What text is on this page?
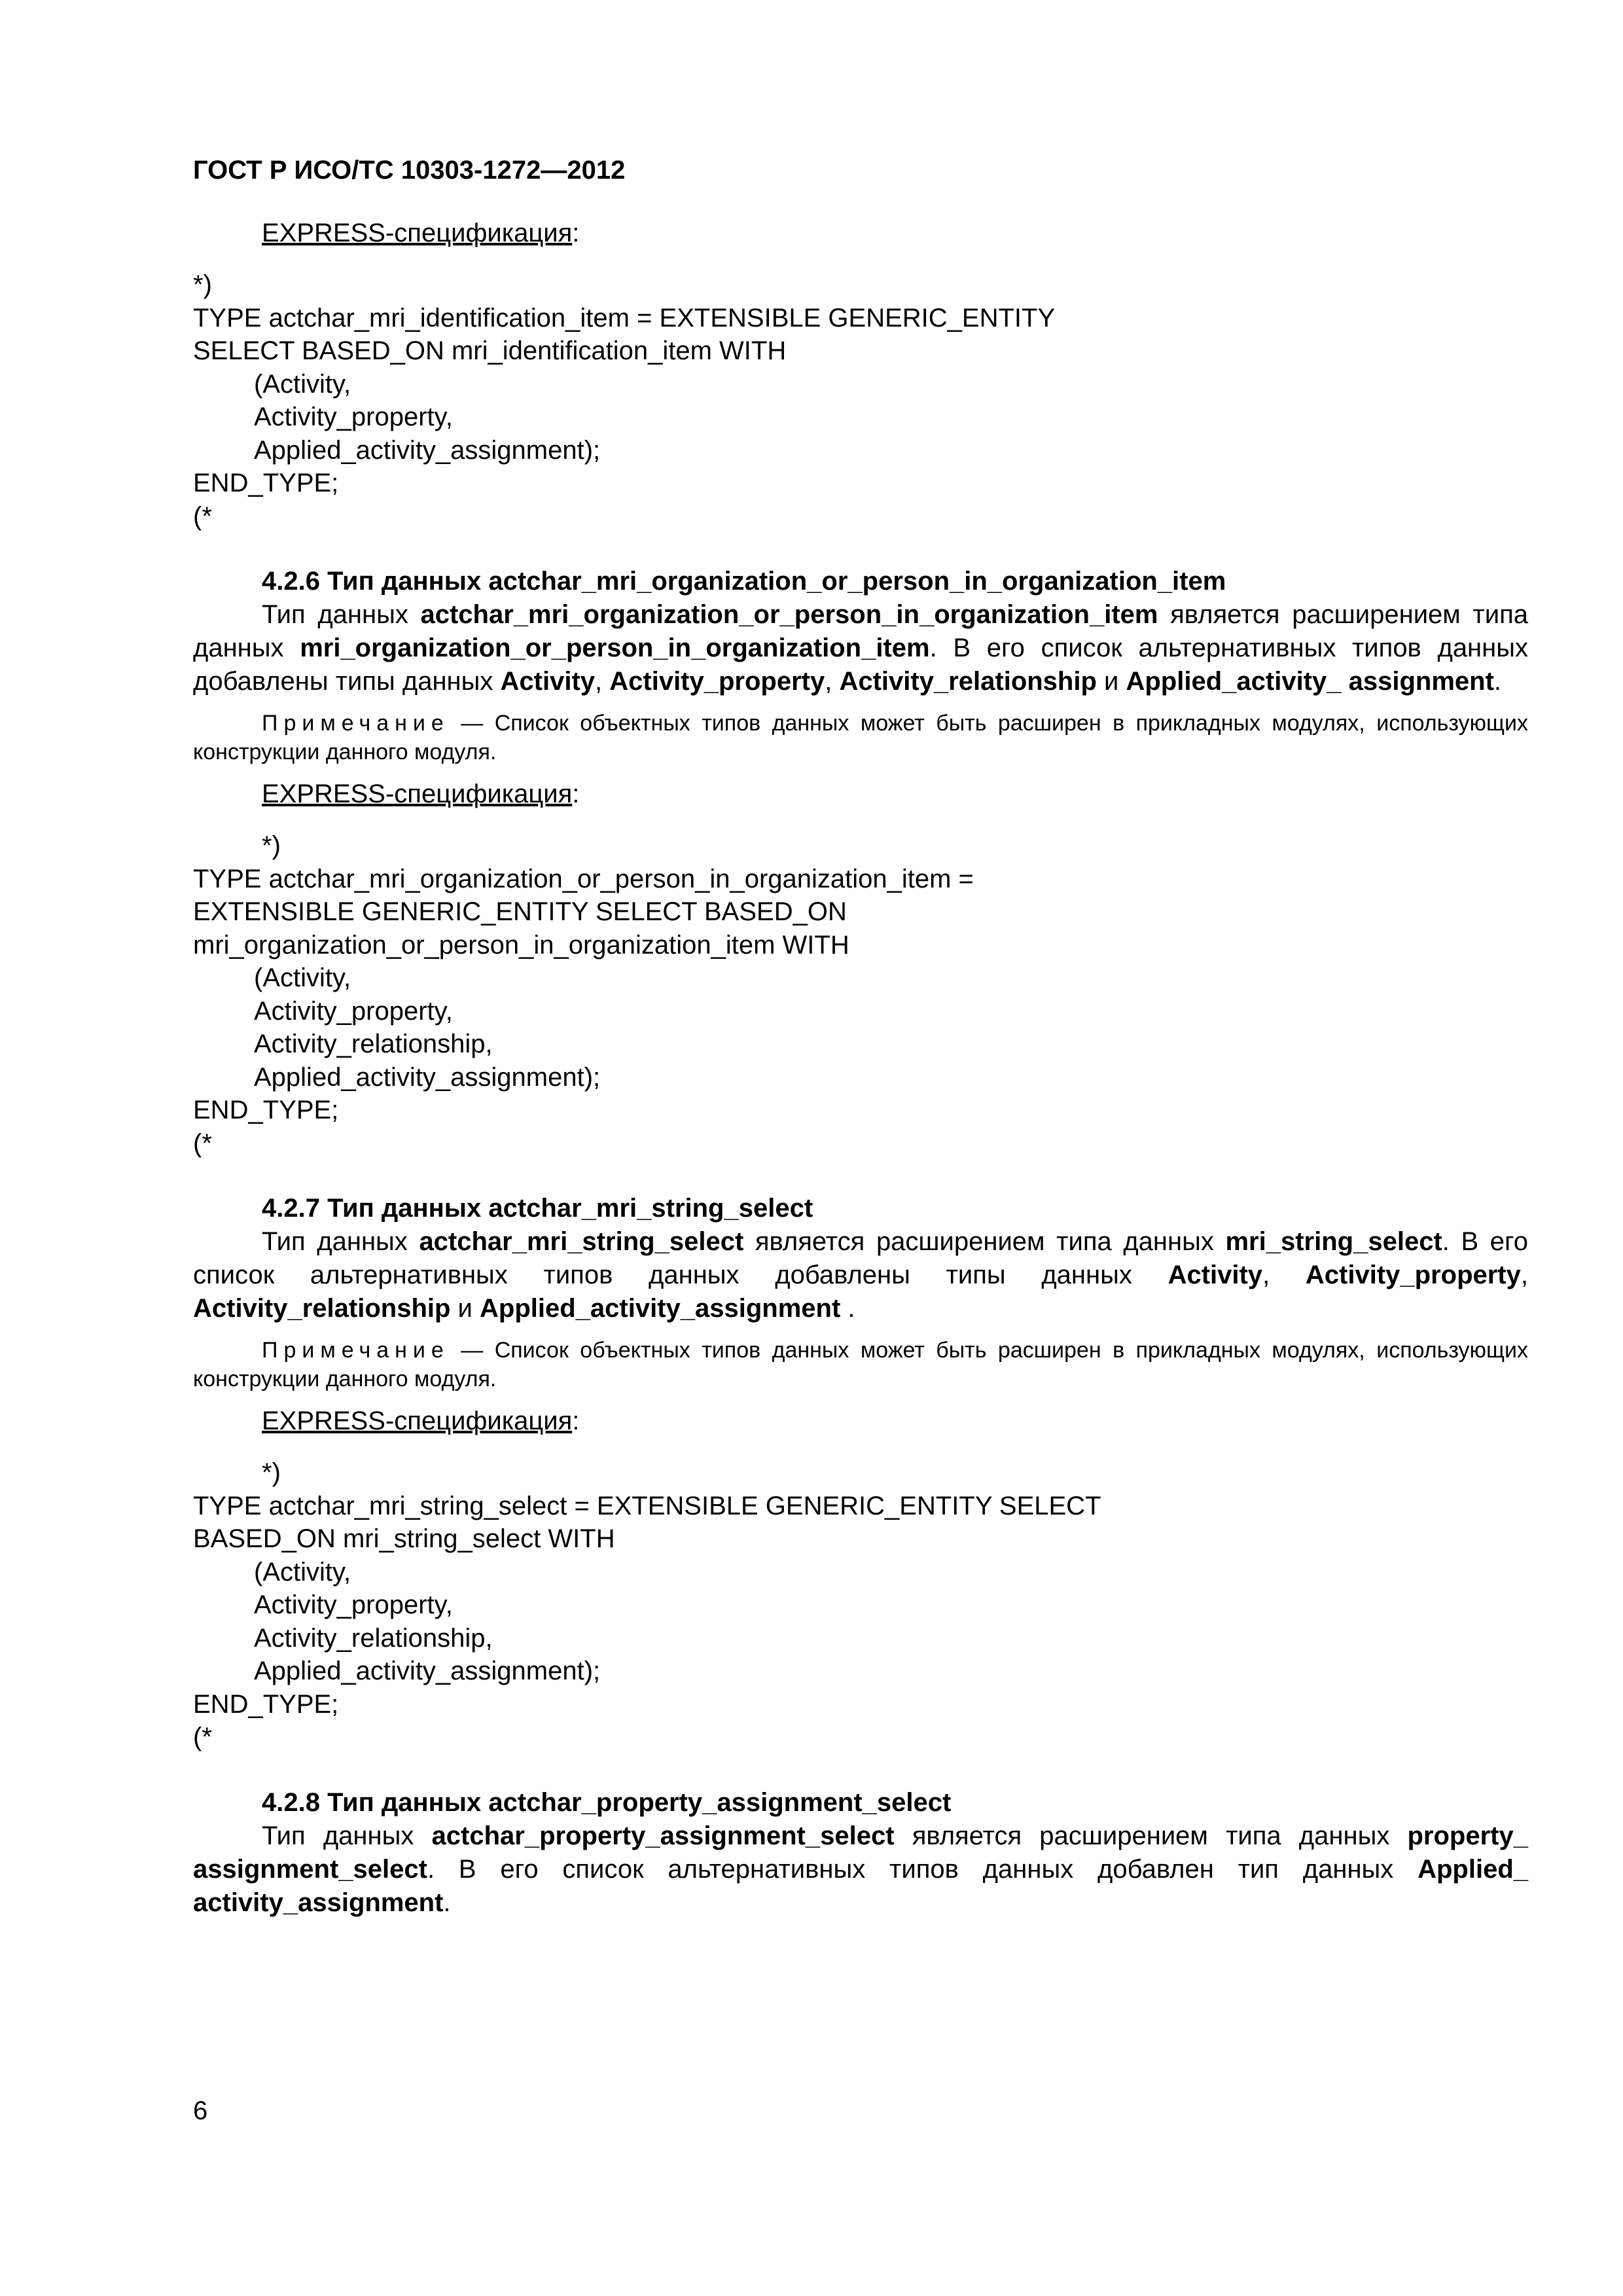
ГОСТ Р ИСО/ТС 10303-1272—2012
EXPRESS-спецификация:
*)
TYPE actchar_mri_identification_item = EXTENSIBLE GENERIC_ENTITY
SELECT BASED_ON mri_identification_item WITH
(Activity,
Activity_property,
Applied_activity_assignment);
END_TYPE;
(*
4.2.6 Тип данных actchar_mri_organization_or_person_in_organization_item
Тип данных actchar_mri_organization_or_person_in_organization_item является расширением типа данных mri_organization_or_person_in_organization_item. В его список альтернативных типов данных добавлены типы данных Activity, Activity_property, Activity_relationship и Applied_activity_ assignment.
Примечание — Список объектных типов данных может быть расширен в прикладных модулях, использующих конструкции данного модуля.
EXPRESS-спецификация:
*)
TYPE actchar_mri_organization_or_person_in_organization_item =
EXTENSIBLE GENERIC_ENTITY SELECT BASED_ON
mri_organization_or_person_in_organization_item WITH
(Activity,
Activity_property,
Activity_relationship,
Applied_activity_assignment);
END_TYPE;
(*
4.2.7 Тип данных actchar_mri_string_select
Тип данных actchar_mri_string_select является расширением типа данных mri_string_select. В его список альтернативных типов данных добавлены типы данных Activity, Activity_property, Activity_relationship и Applied_activity_assignment .
Примечание — Список объектных типов данных может быть расширен в прикладных модулях, использующих конструкции данного модуля.
EXPRESS-спецификация:
*)
TYPE actchar_mri_string_select = EXTENSIBLE GENERIC_ENTITY SELECT
BASED_ON mri_string_select WITH
(Activity,
Activity_property,
Activity_relationship,
Applied_activity_assignment);
END_TYPE;
(*
4.2.8 Тип данных actchar_property_assignment_select
Тип данных actchar_property_assignment_select является расширением типа данных property_ assignment_select. В его список альтернативных типов данных добавлен тип данных Applied_ activity_assignment.
6
